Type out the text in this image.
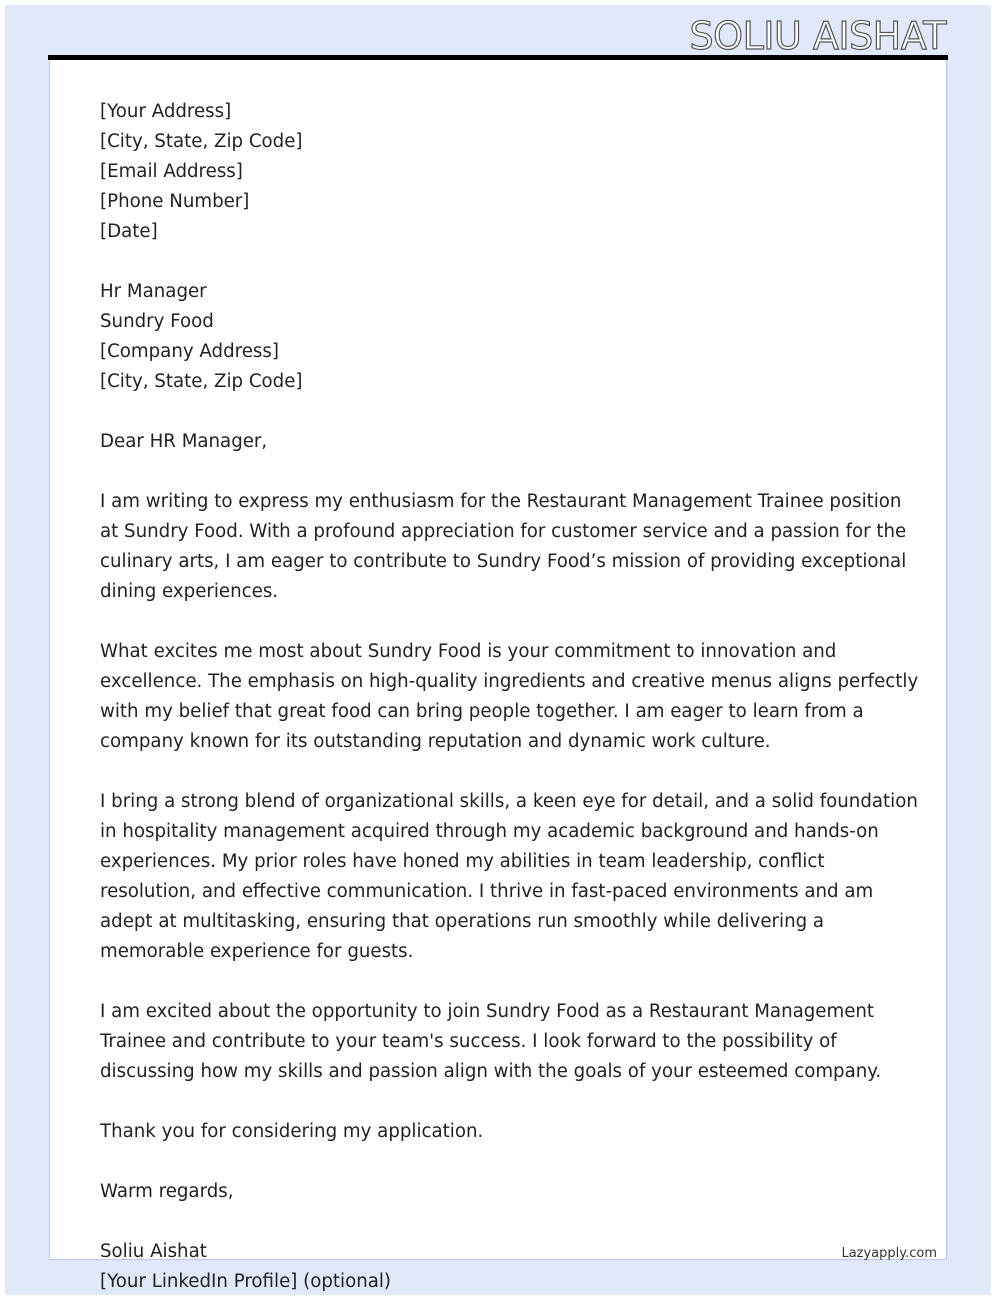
SOLIU AISHAT
[Your Address]
[City, State, Zip Code]
[Email Address]
[Phone Number]
[Date]
Hr Manager
Sundry Food
[Company Address]
[City, State, Zip Code]
Dear HR Manager,
I am writing to express my enthusiasm for the Restaurant Management Trainee position
at Sundry Food. With a profound appreciation for customer service and a passion for the
culinary arts, I am eager to contribute to Sundry Food’s mission of providing exceptional
dining experiences.
What excites me most about Sundry Food is your commitment to innovation and
excellence. The emphasis on high-quality ingredients and creative menus aligns perfectly
with my belief that great food can bring people together. I am eager to learn from a
company known for its outstanding reputation and dynamic work culture.
I bring a strong blend of organizational skills, a keen eye for detail, and a solid foundation
in hospitality management acquired through my academic background and hands-on
experiences. My prior roles have honed my abilities in team leadership, conflict
resolution, and effective communication. I thrive in fast-paced environments and am
adept at multitasking, ensuring that operations run smoothly while delivering a
memorable experience for guests.
I am excited about the opportunity to join Sundry Food as a Restaurant Management
Trainee and contribute to your team's success. I look forward to the possibility of
discussing how my skills and passion align with the goals of your esteemed company.
Thank you for considering my application.
Warm regards,
Soliu Aishat
[Your LinkedIn Profile] (optional)
Lazyapply.com
